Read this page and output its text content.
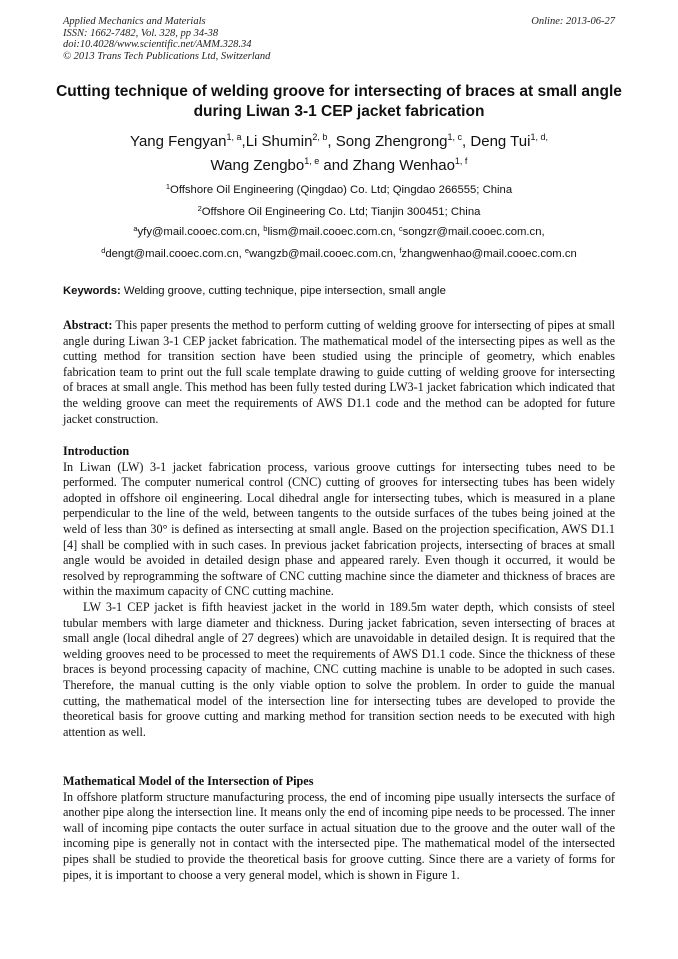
Applied Mechanics and Materials
ISSN: 1662-7482, Vol. 328, pp 34-38
doi:10.4028/www.scientific.net/AMM.328.34
© 2013 Trans Tech Publications Ltd, Switzerland
Online: 2013-06-27
Cutting technique of welding groove for intersecting of braces at small angle during Liwan 3-1 CEP jacket fabrication
Yang Fengyan$^{1, a}$,Li Shumin$^{2, b}$, Song Zhengrong$^{1, c}$, Deng Tui$^{1, d,}$
Wang Zengbo$^{1, e}$ and Zhang Wenhao$^{1, f}$
$^1$Offshore Oil Engineering (Qingdao) Co. Ltd; Qingdao 266555; China
$^2$Offshore Oil Engineering Co. Ltd; Tianjin 300451; China
$^a$yfy@mail.cooec.com.cn, $^b$lism@mail.cooec.com.cn, $^c$songzr@mail.cooec.com.cn,
$^d$dengt@mail.cooec.com.cn, $^e$wangzb@mail.cooec.com.cn, $^f$zhangwenhao@mail.cooec.com.cn
Keywords: Welding groove, cutting technique, pipe intersection, small angle

Abstract: This paper presents the method to perform cutting of welding groove for intersecting of pipes at small angle during Liwan 3-1 CEP jacket fabrication. The mathematical model of the intersecting pipes as well as the cutting method for transition section have been studied using the principle of geometry, which enables fabrication team to print out the full scale template drawing to guide cutting of welding groove for intersecting of braces at small angle. This method has been fully tested during LW3-1 jacket fabrication which indicated that the welding groove can meet the requirements of AWS D1.1 code and the method can be adopted for future jacket construction.

Introduction

In Liwan (LW) 3-1 jacket fabrication process, various groove cuttings for intersecting tubes need to be performed. The computer numerical control (CNC) cutting of grooves for intersecting tubes has been widely adopted in offshore oil engineering. Local dihedral angle for intersecting tubes, which is measured in a plane perpendicular to the line of the weld, between tangents to the outside surfaces of the tubes being joined at the weld of less than 30° is defined as intersecting at small angle. Based on the projection specification, AWS D1.1 [4] shall be complied with in such cases. In previous jacket fabrication projects, intersecting of braces at small angle would be avoided in detailed design phase and appeared rarely. Even though it occurred, it would be resolved by reprogramming the software of CNC cutting machine since the diameter and thickness of braces are within the maximum capacity of CNC cutting machine.

LW 3-1 CEP jacket is fifth heaviest jacket in the world in 189.5m water depth, which consists of steel tubular members with large diameter and thickness. During jacket fabrication, seven intersecting of braces at small angle (local dihedral angle of 27 degrees) which are unavoidable in detailed design. It is required that the welding grooves need to be processed to meet the requirements of AWS D1.1 code. Since the thickness of these braces is beyond processing capacity of machine, CNC cutting machine is unable to be adopted in such cases. Therefore, the manual cutting is the only viable option to solve the problem. In order to guide the manual cutting, the mathematical model of the intersection line for intersecting tubes are developed to provide the theoretical basis for groove cutting and marking method for transition section needs to be executed with high attention as well.

Mathematical Model of the Intersection of Pipes

In offshore platform structure manufacturing process, the end of incoming pipe usually intersects the surface of another pipe along the intersection line. It means only the end of incoming pipe needs to be processed. The inner wall of incoming pipe contacts the outer surface in actual situation due to the groove and the outer wall of the incoming pipe is generally not in contact with the intersected pipe. The mathematical model of the intersected pipes shall be studied to provide the theoretical basis for groove cutting. Since there are a variety of forms for pipes, it is important to choose a very general model, which is shown in Figure 1.
